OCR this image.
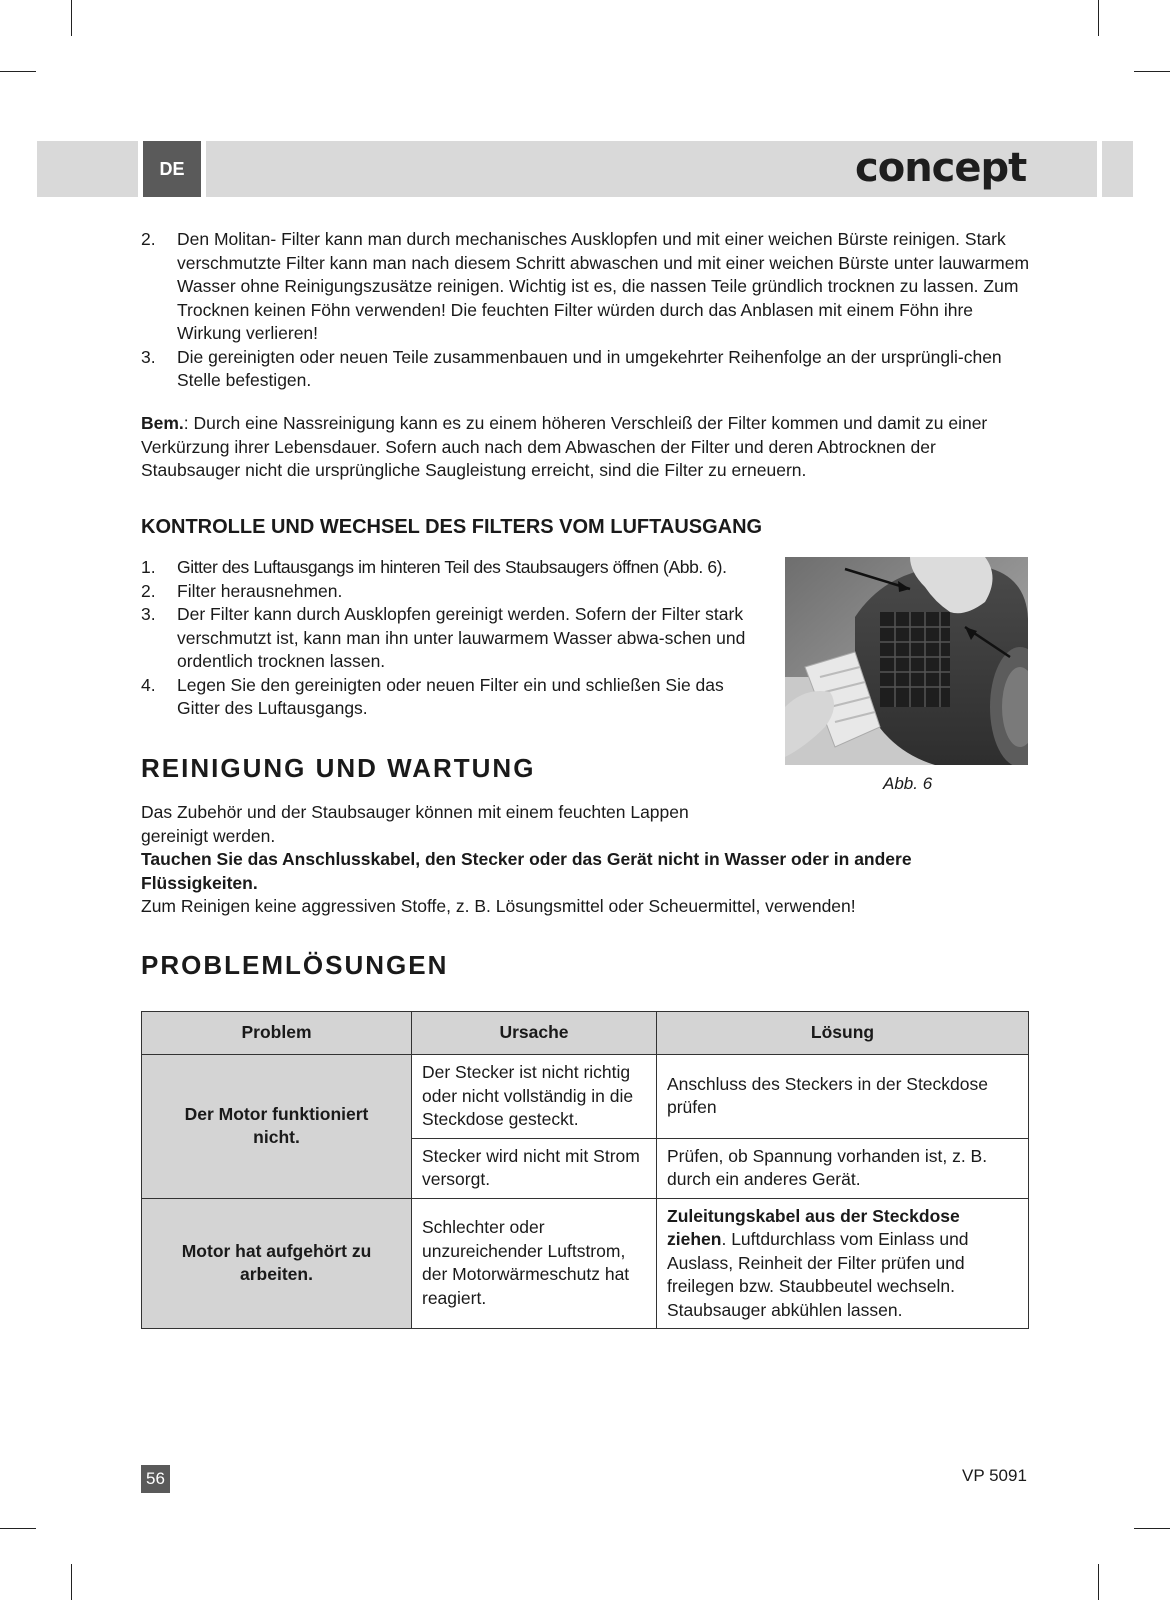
DE	concept
2. Den Molitan- Filter kann man durch mechanisches Ausklopfen und mit einer weichen Bürste reinigen. Stark verschmutzte Filter kann man nach diesem Schritt abwaschen und mit einer weichen Bürste unter lauwarmem Wasser ohne Reinigungszusätze reinigen. Wichtig ist es, die nassen Teile gründlich trocknen zu lassen. Zum Trocknen keinen Föhn verwenden! Die feuchten Filter würden durch das Anblasen mit einem Föhn ihre Wirkung verlieren!
3. Die gereinigten oder neuen Teile zusammenbauen und in umgekehrter Reihenfolge an der ursprüngli-chen Stelle befestigen.
Bem.: Durch eine Nassreinigung kann es zu einem höheren Verschleiß der Filter kommen und damit zu einer Verkürzung ihrer Lebensdauer. Sofern auch nach dem Abwaschen der Filter und deren Abtrocknen der Staubsauger nicht die ursprüngliche Saugleistung erreicht, sind die Filter zu erneuern.
KONTROLLE UND WECHSEL DES FILTERS VOM LUFTAUSGANG
1. Gitter des Luftausgangs im hinteren Teil des Staubsaugers öffnen (Abb. 6).
2. Filter herausnehmen.
3. Der Filter kann durch Ausklopfen gereinigt werden. Sofern der Filter stark verschmutzt ist, kann man ihn unter lauwarmem Wasser abwa-schen und ordentlich trocknen lassen.
4. Legen Sie den gereinigten oder neuen Filter ein und schließen Sie das Gitter des Luftausgangs.
Abb. 6
REINIGUNG UND WARTUNG
Das Zubehör und der Staubsauger können mit einem feuchten Lappen gereinigt werden.
Tauchen Sie das Anschlusskabel, den Stecker oder das Gerät nicht in Wasser oder in andere Flüssigkeiten.
Zum Reinigen keine aggressiven Stoffe, z. B. Lösungsmittel oder Scheuermittel, verwenden!
PROBLEMLÖSUNGEN
Problem	Ursache	Lösung
Der Motor funktioniert nicht.	Der Stecker ist nicht richtig oder nicht vollständig in die Steckdose gesteckt.	Anschluss des Steckers in der Steckdose prüfen
	Stecker wird nicht mit Strom versorgt.	Prüfen, ob Spannung vorhanden ist, z. B. durch ein anderes Gerät.
Motor hat aufgehört zu arbeiten.	Schlechter oder unzureichender Luftstrom, der Motorwärmeschutz hat reagiert.	Zuleitungskabel aus der Steckdose ziehen. Luftdurchlass vom Einlass und Auslass, Reinheit der Filter prüfen und freilegen bzw. Staubbeutel wechseln. Staubsauger abkühlen lassen.
56	VP 5091
